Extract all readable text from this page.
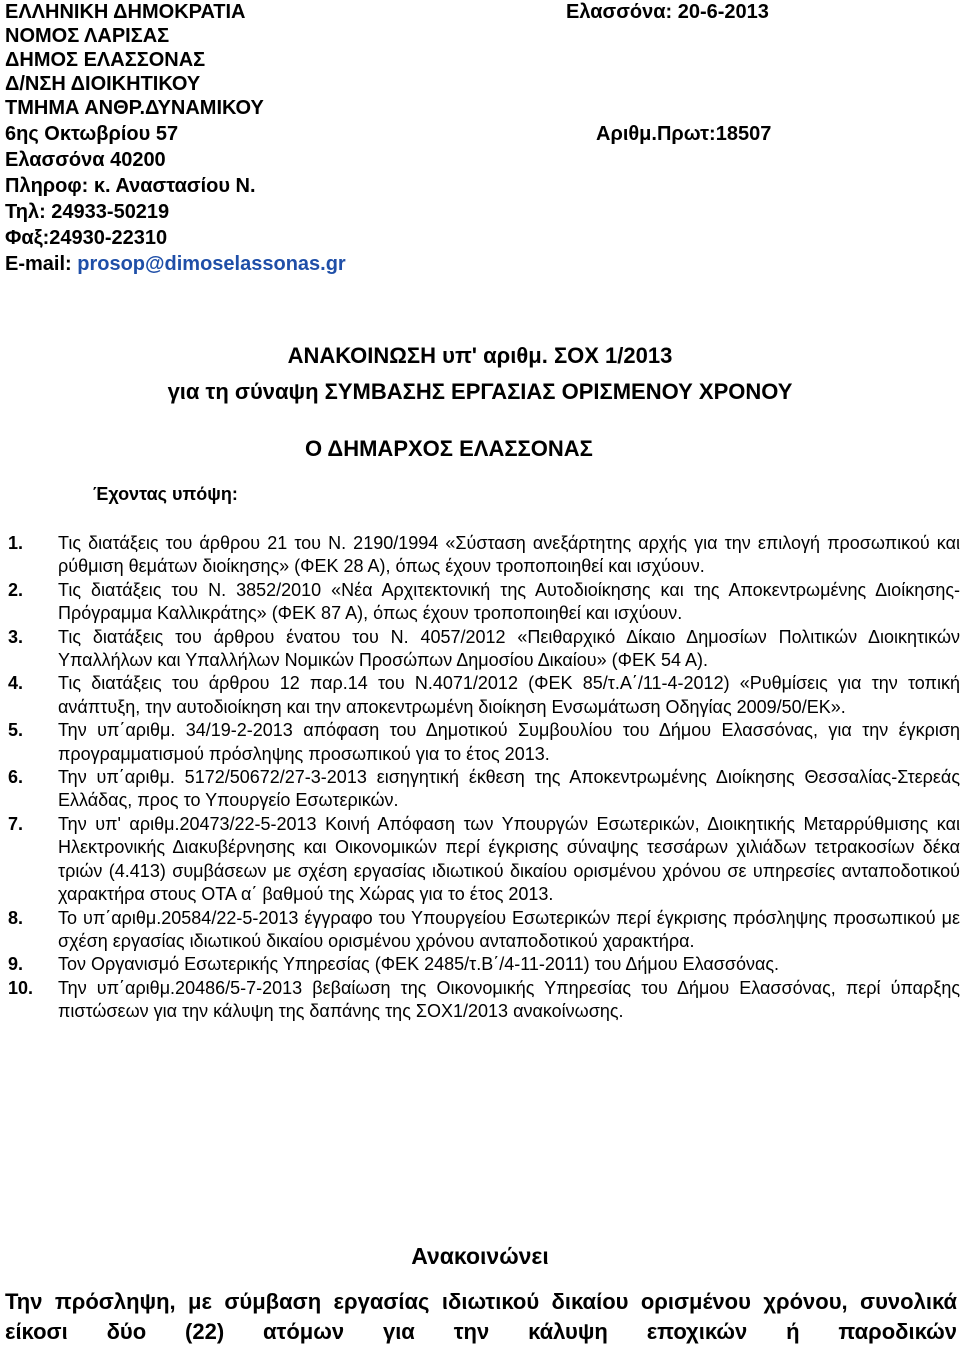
ΕΛΛΗΝΙΚΗ ΔΗΜΟΚΡΑΤΙΑ
ΝΟΜΟΣ ΛΑΡΙΣΑΣ
ΔΗΜΟΣ ΕΛΑΣΣΟΝΑΣ
Δ/ΝΣΗ ΔΙΟΙΚΗΤΙΚΟΥ
ΤΜΗΜΑ ΑΝΘΡ.ΔΥΝΑΜΙΚΟΥ
6ης Οκτωβρίου 57
Ελασσόνα 40200
Πληροφ: κ. Αναστασίου Ν.
Τηλ: 24933-50219
Φαξ:24930-22310
E-mail: prosop@dimoselassonas.gr
Ελασσόνα: 20-6-2013
Αριθμ.Πρωτ:18507
ΑΝΑΚΟΙΝΩΣΗ υπ' αριθμ. ΣΟΧ 1/2013
για τη σύναψη ΣΥΜΒΑΣΗΣ ΕΡΓΑΣΙΑΣ ΟΡΙΣΜΕΝΟΥ ΧΡΟΝΟΥ
Ο ΔΗΜΑΡΧΟΣ ΕΛΑΣΣΟΝΑΣ
Έχοντας υπόψη:
1. Τις διατάξεις του άρθρου 21 του Ν. 2190/1994 «Σύσταση ανεξάρτητης αρχής για την επιλογή προσωπικού και ρύθμιση θεμάτων διοίκησης» (ΦΕΚ 28 Α), όπως έχουν τροποποιηθεί και ισχύουν.
2. Τις διατάξεις του Ν. 3852/2010 «Νέα Αρχιτεκτονική της Αυτοδιοίκησης και της Αποκεντρωμένης Διοίκησης- Πρόγραμμα Καλλικράτης» (ΦΕΚ 87 Α), όπως έχουν τροποποιηθεί και ισχύουν.
3. Τις διατάξεις του άρθρου ένατου του Ν. 4057/2012 «Πειθαρχικό Δίκαιο Δημοσίων Πολιτικών Διοικητικών Υπαλλήλων και Υπαλλήλων Νομικών Προσώπων Δημοσίου Δικαίου» (ΦΕΚ 54 Α).
4. Τις διατάξεις του άρθρου 12 παρ.14 του Ν.4071/2012 (ΦΕΚ 85/τ.Α΄/11-4-2012) «Ρυθμίσεις για την τοπική ανάπτυξη, την αυτοδιοίκηση και την αποκεντρωμένη διοίκηση Ενσωμάτωση Οδηγίας 2009/50/ΕΚ».
5. Την υπ΄αριθμ. 34/19-2-2013 απόφαση του Δημοτικού Συμβουλίου του Δήμου Ελασσόνας, για την έγκριση προγραμματισμού πρόσληψης προσωπικού για το έτος 2013.
6. Την υπ΄αριθμ. 5172/50672/27-3-2013 εισηγητική έκθεση της Αποκεντρωμένης Διοίκησης Θεσσαλίας-Στερεάς Ελλάδας, προς το Υπουργείο Εσωτερικών.
7. Την υπ' αριθμ.20473/22-5-2013 Κοινή Απόφαση των Υπουργών Εσωτερικών, Διοικητικής Μεταρρύθμισης και Ηλεκτρονικής Διακυβέρνησης και Οικονομικών περί έγκρισης σύναψης τεσσάρων χιλιάδων τετρακοσίων δέκα τριών (4.413) συμβάσεων με σχέση εργασίας ιδιωτικού δικαίου ορισμένου χρόνου σε υπηρεσίες ανταποδοτικού χαρακτήρα στους ΟΤΑ α΄ βαθμού της Χώρας για το έτος 2013.
8. Το υπ΄αριθμ.20584/22-5-2013 έγγραφο του Υπουργείου Εσωτερικών περί έγκρισης πρόσληψης προσωπικού με σχέση εργασίας ιδιωτικού δικαίου ορισμένου χρόνου ανταποδοτικού χαρακτήρα.
9. Τον Οργανισμό Εσωτερικής Υπηρεσίας (ΦΕΚ 2485/τ.Β΄/4-11-2011) του Δήμου Ελασσόνας.
10. Την υπ΄αριθμ.20486/5-7-2013 βεβαίωση της Οικονομικής Υπηρεσίας του Δήμου Ελασσόνας, περί ύπαρξης πιστώσεων για την κάλυψη της δαπάνης της ΣΟΧ1/2013 ανακοίνωσης.
Ανακοινώνει
Την πρόσληψη, με σύμβαση εργασίας ιδιωτικού δικαίου ορισμένου χρόνου, συνολικά είκοσι δύο (22) ατόμων για την κάλυψη εποχικών ή παροδικών
